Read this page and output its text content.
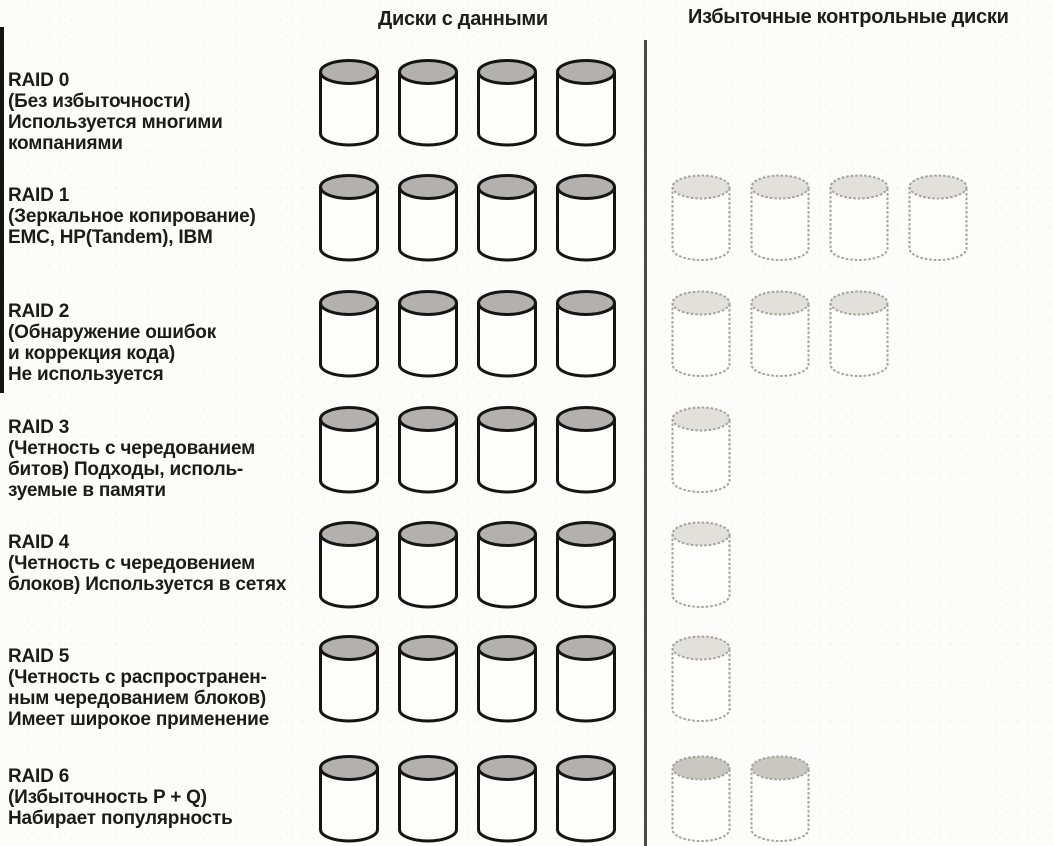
Диски с данными	Избыточные контрольные диски
RAID 0
(Без избыточности)
Используется многими
компаниями
RAID 1
(Зеркальное копирование)
EMC, HP(Tandem), IBM
RAID 2
(Обнаружение ошибок
и коррекция кода)
Не используется
RAID 3
(Четность с чередованием
битов) Подходы, исполь-
зуемые в памяти
RAID 4
(Четность с чередовением
блоков) Используется в сетях
RAID 5
(Четность с распространен-
ным чередованием блоков)
Имеет широкое применение
RAID 6
(Избыточность P + Q)
Набирает популярность
